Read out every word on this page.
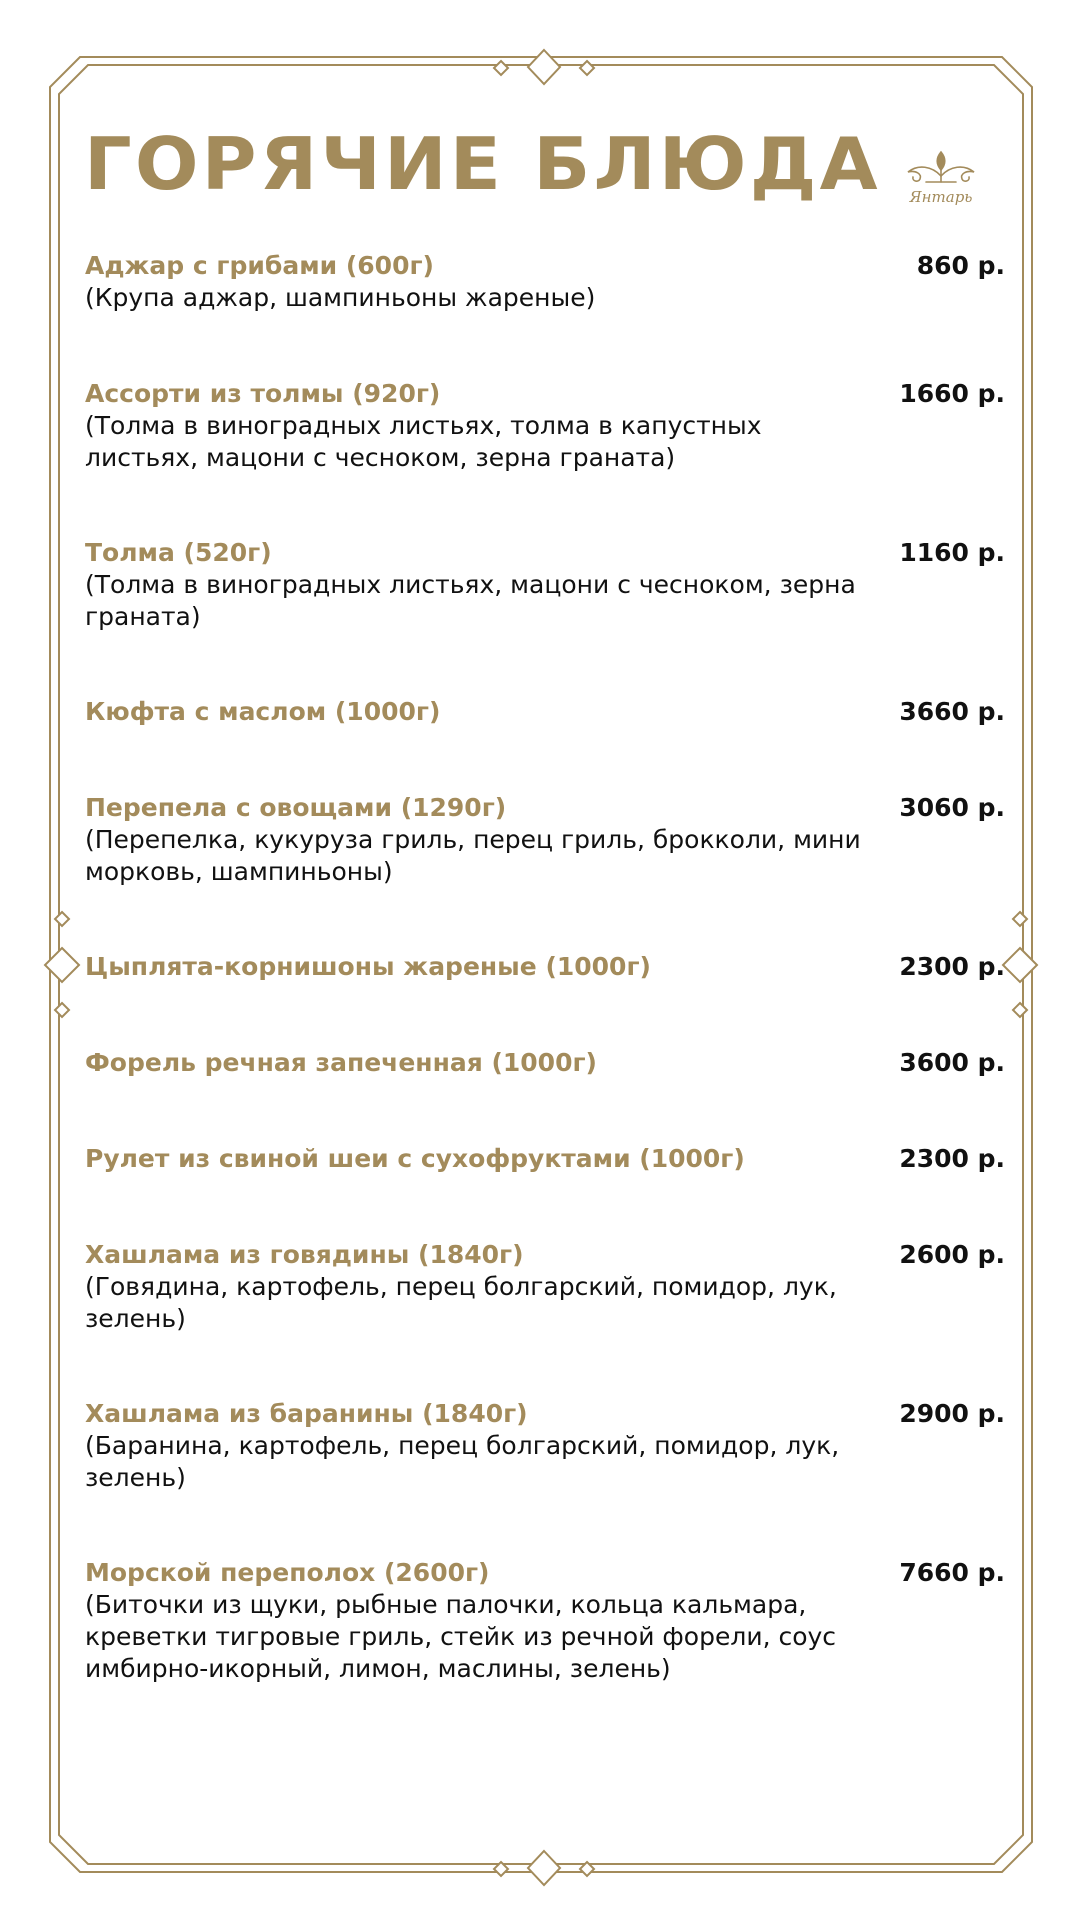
ГОРЯЧИЕ БЛЮДА	Янтарь
Аджар с грибами (600г)	860 р.
(Крупа аджар, шампиньоны жареные)
Ассорти из толмы (920г)	1660 р.
(Толма в виноградных листьях, толма в капустных листьях, мацони с чесноком, зерна граната)
Толма (520г)	1160 р.
(Толма в виноградных листьях, мацони с чесноком, зерна граната)
Кюфта с маслом (1000г)	3660 р.
Перепела с овощами (1290г)	3060 р.
(Перепелка, кукуруза гриль, перец гриль, брокколи, мини морковь, шампиньоны)
Цыплята-корнишоны жареные (1000г)	2300 р.
Форель речная запеченная (1000г)	3600 р.
Рулет из свиной шеи с сухофруктами (1000г)	2300 р.
Хашлама из говядины (1840г)	2600 р.
(Говядина, картофель, перец болгарский, помидор, лук, зелень)
Хашлама из баранины (1840г)	2900 р.
(Баранина, картофель, перец болгарский, помидор, лук, зелень)
Морской переполох (2600г)	7660 р.
(Биточки из щуки, рыбные палочки, кольца кальмара, креветки тигровые гриль, стейк из речной форели, соус имбирно-икорный, лимон, маслины, зелень)
